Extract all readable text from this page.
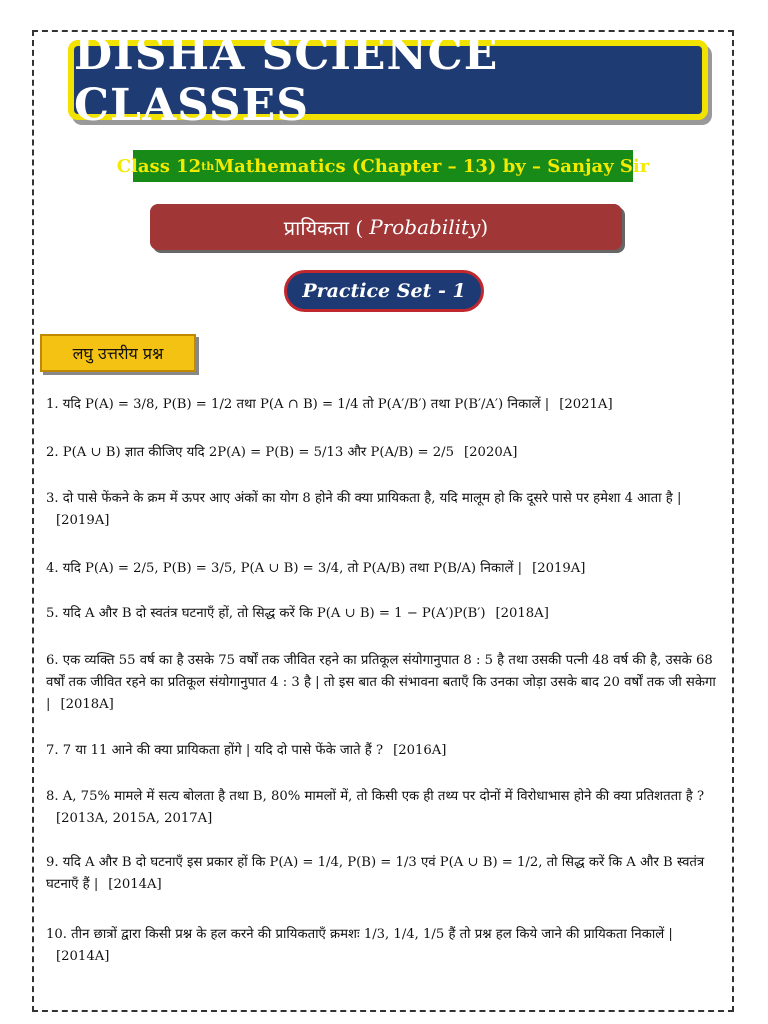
DISHA SCIENCE CLASSES
Class 12 th Mathematics (Chapter – 13) by – Sanjay Sir
प्रायिकता ( Probability )
Practice Set - 1
लघु उत्तरीय प्रश्न
1. यदि P(A) = 3/8, P(B) = 1/2 तथा P(A ∩ B) = 1/4 तो P(A′/B′) तथा P(B′/A′) निकालें | [2021A]
2. P(A ∪ B) ज्ञात कीजिए यदि 2P(A) = P(B) = 5/13 और P(A/B) = 2/5 [2020A]
3. दो पासे फेंकने के क्रम में ऊपर आए अंकों का योग 8 होने की क्या प्रायिकता है, यदि मालूम हो कि दूसरे पासे पर हमेशा 4 आता है |[2019A]
4. यदि P(A) = 2/5, P(B) = 3/5, P(A ∪ B) = 3/4, तो P(A/B) तथा P(B/A) निकालें | [2019A]
5. यदि A और B दो स्वतंत्र घटनाएँ हों, तो सिद्ध करें कि P(A ∪ B) = 1 − P(A′)P(B′) [2018A]
6. एक व्यक्ति 55 वर्ष का है उसके 75 वर्षों तक जीवित रहने का प्रतिकूल संयोगानुपात 8 : 5 है तथा उसकी पत्नी 48 वर्ष की है, उसके 68 वर्षों तक जीवित रहने का प्रतिकूल संयोगानुपात 4 : 3 है | तो इस बात की संभावना बताएँ कि उनका जोड़ा उसके बाद 20 वर्षों तक जी सकेगा | [2018A]
7. 7 या 11 आने की क्या प्रायिकता होंगे | यदि दो पासे फेंके जाते हैं ? [2016A]
8. A, 75% मामले में सत्य बोलता है तथा B, 80% मामलों में, तो किसी एक ही तथ्य पर दोनों में विरोधाभास होने की क्या प्रतिशतता है ?[2013A, 2015A, 2017A]
9. यदि A और B दो घटनाएँ इस प्रकार हों कि P(A) = 1/4, P(B) = 1/3 एवं P(A ∪ B) = 1/2, तो सिद्ध करें कि A और B स्वतंत्र घटनाएँ हैं | [2014A]
10. तीन छात्रों द्वारा किसी प्रश्न के हल करने की प्रायिकताएँ क्रमशः 1/3, 1/4, 1/5 हैं तो प्रश्न हल किये जाने की प्रायिकता निकालें |[2014A]
